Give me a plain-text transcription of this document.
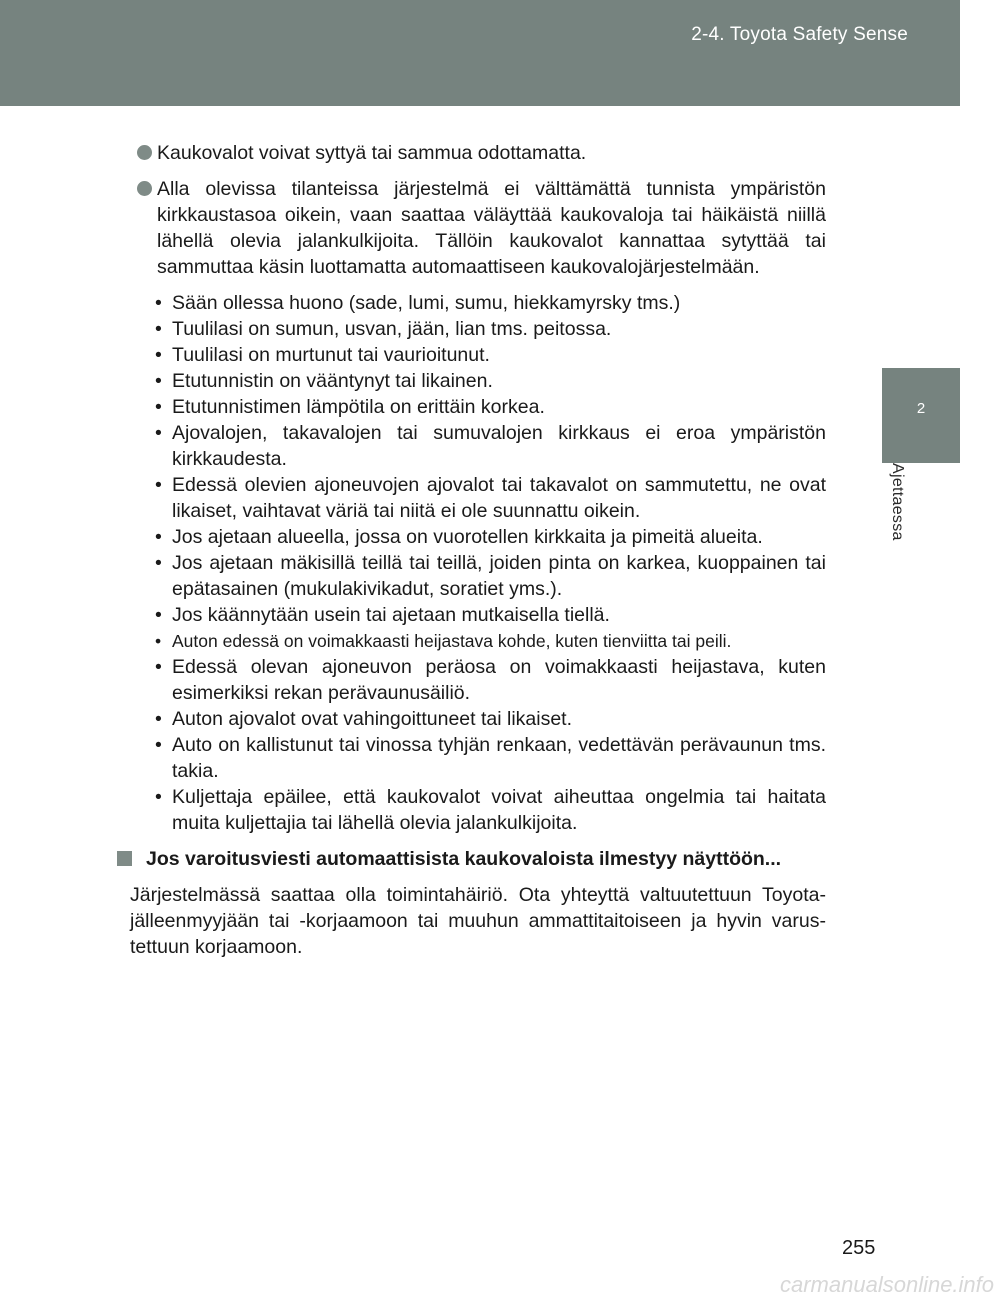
2-4. Toyota Safety Sense
2
Ajettaessa
Kaukovalot voivat syttyä tai sammua odottamatta.
Alla olevissa tilanteissa järjestelmä ei välttämättä tunnista ympäristön kirkkaustasoa oikein, vaan saattaa väläyttää kaukovaloja tai häikäistä niillä lähellä olevia jalankulkijoita. Tällöin kaukovalot kannattaa sytyttää tai sammuttaa käsin luottamatta automaattiseen kaukovalojärjestelmään.
• Sään ollessa huono (sade, lumi, sumu, hiekkamyrsky tms.)
• Tuulilasi on sumun, usvan, jään, lian tms. peitossa.
• Tuulilasi on murtunut tai vaurioitunut.
• Etutunnistin on vääntynyt tai likainen.
• Etutunnistimen lämpötila on erittäin korkea.
• Ajovalojen, takavalojen tai sumuvalojen kirkkaus ei eroa ympäristön kirkkaudesta.
• Edessä olevien ajoneuvojen ajovalot tai takavalot on sammutettu, ne ovat likaiset, vaihtavat väriä tai niitä ei ole suunnattu oikein.
• Jos ajetaan alueella, jossa on vuorotellen kirkkaita ja pimeitä alueita.
• Jos ajetaan mäkisillä teillä tai teillä, joiden pinta on karkea, kuoppainen tai epätasainen (mukulakivikadut, soratiet yms.).
• Jos käännytään usein tai ajetaan mutkaisella tiellä.
• Auton edessä on voimakkaasti heijastava kohde, kuten tienviitta tai peili.
• Edessä olevan ajoneuvon peräosa on voimakkaasti heijastava, kuten esimerkiksi rekan perävaunusäiliö.
• Auton ajovalot ovat vahingoittuneet tai likaiset.
• Auto on kallistunut tai vinossa tyhjän renkaan, vedettävän perävaunun tms. takia.
• Kuljettaja epäilee, että kaukovalot voivat aiheuttaa ongelmia tai haitata muita kuljettajia tai lähellä olevia jalankulkijoita.
Jos varoitusviesti automaattisista kaukovaloista ilmestyy näyttöön...
Järjestelmässä saattaa olla toimintahäiriö. Ota yhteyttä valtuutettuun Toyota-jälleenmyyjään tai -korjaamoon tai muuhun ammattitaitoiseen ja hyvin varus-tettuun korjaamoon.
255
carmanualsonline.info
